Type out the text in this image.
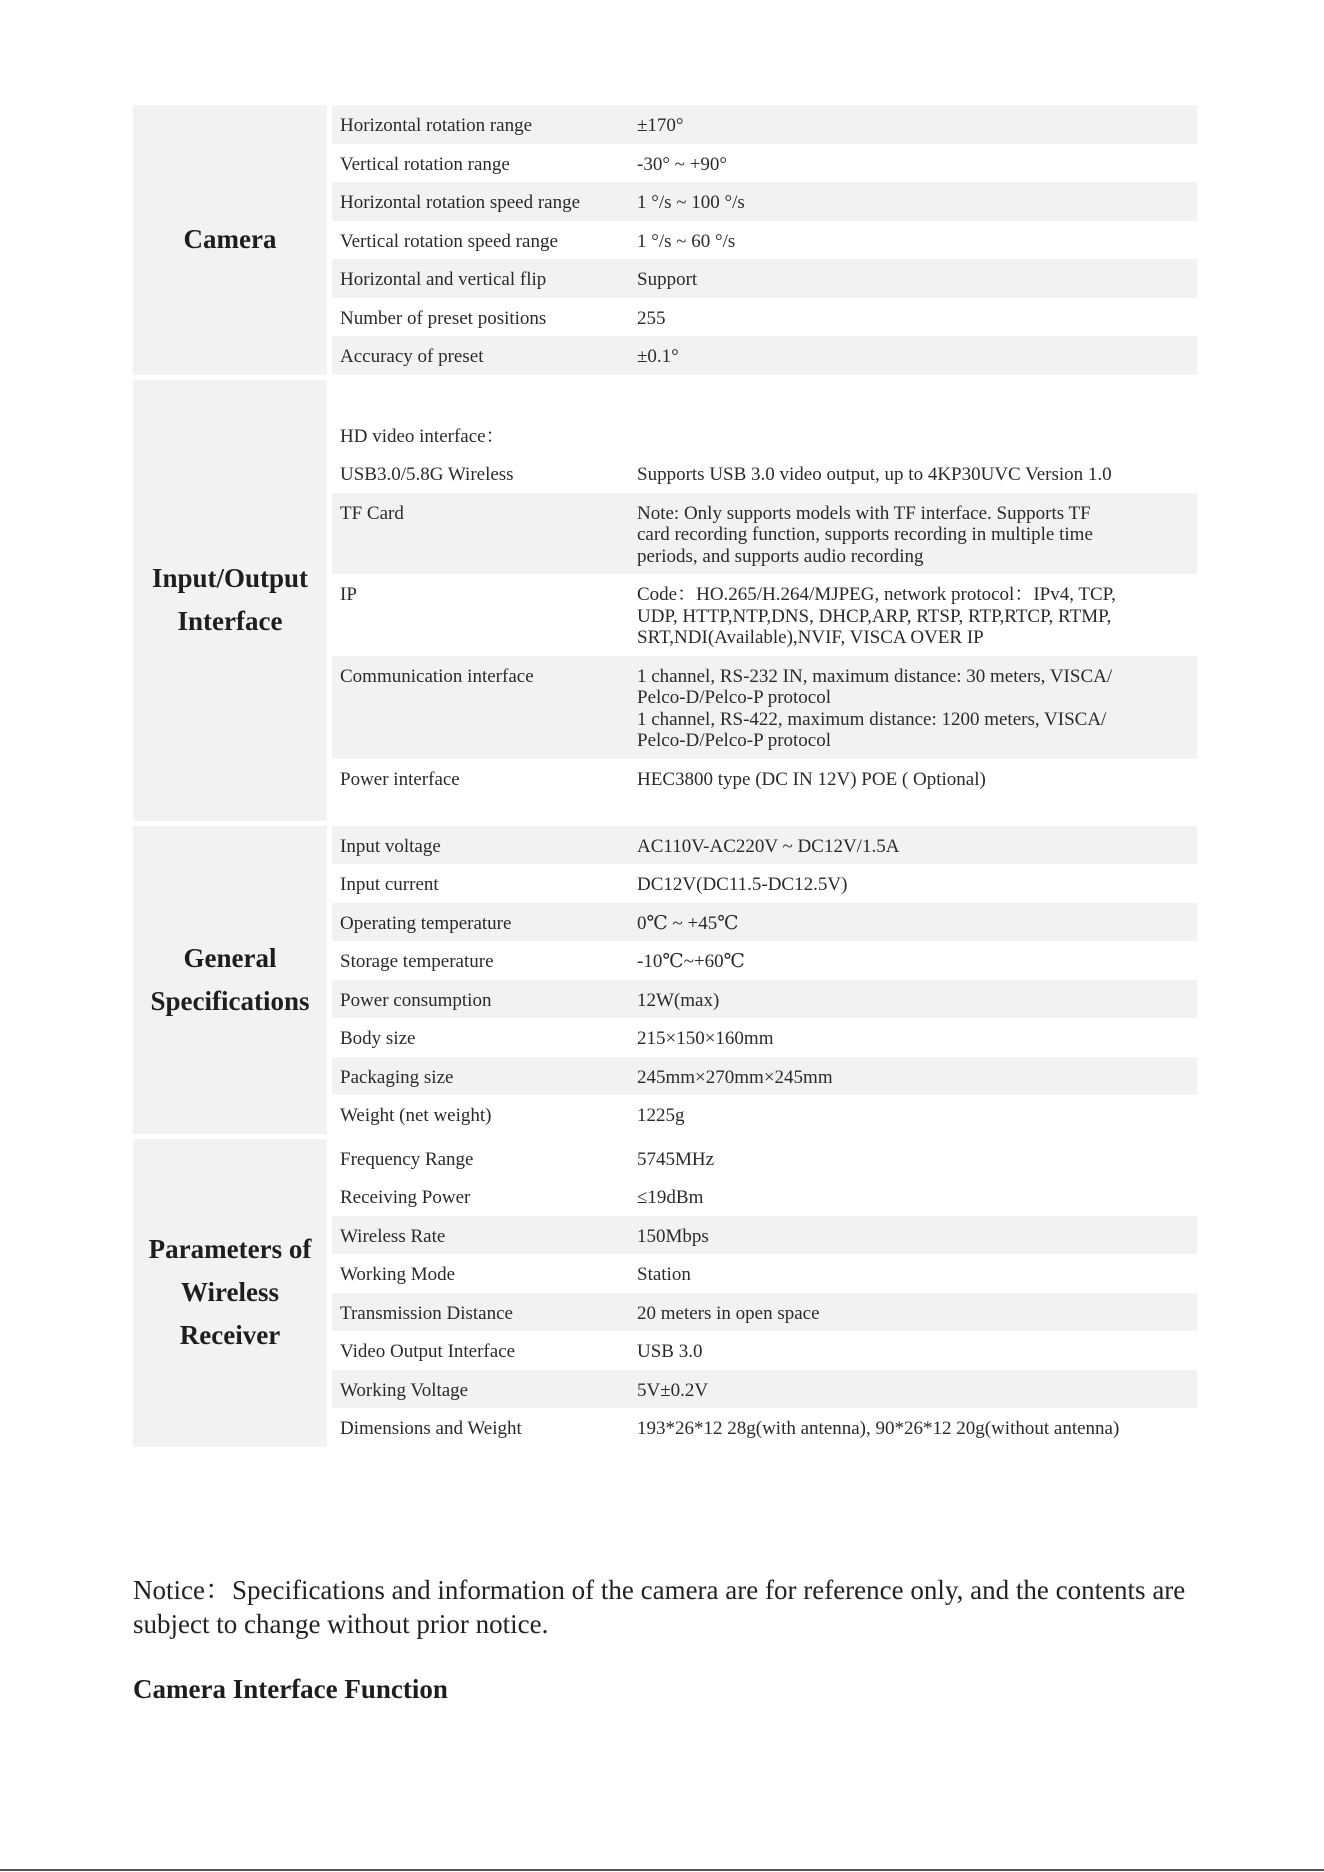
Camera
Horizontal rotation range	±170°
Vertical rotation range	-30° ~ +90°
Horizontal rotation speed range	1 °/s ~ 100 °/s
Vertical rotation speed range	1 °/s ~ 60 °/s
Horizontal and vertical flip	Support
Number of preset positions	255
Accuracy of preset	±0.1°
Input/Output
Interface
HD video interface：
USB3.0/5.8G Wireless	Supports USB 3.0 video output, up to 4KP30UVC Version 1.0
TF Card	Note: Only supports models with TF interface. Supports TF
card recording function, supports recording in multiple time
periods, and supports audio recording
IP	Code：HO.265/H.264/MJPEG, network protocol：IPv4, TCP,
UDP, HTTP,NTP,DNS, DHCP,ARP, RTSP, RTP,RTCP, RTMP,
SRT,NDI(Available),NVIF, VISCA OVER IP
Communication interface	1 channel, RS-232 IN, maximum distance: 30 meters, VISCA/
Pelco-D/Pelco-P protocol
1 channel, RS-422, maximum distance: 1200 meters, VISCA/
Pelco-D/Pelco-P protocol
Power interface	HEC3800 type (DC IN 12V) POE ( Optional)
General
Specifications
Input voltage	AC110V-AC220V ~ DC12V/1.5A
Input current	DC12V(DC11.5-DC12.5V)
Operating temperature	0℃ ~ +45℃
Storage temperature	-10℃~+60℃
Power consumption	12W(max)
Body size	215×150×160mm
Packaging size	245mm×270mm×245mm
Weight (net weight)	1225g
Parameters of
Wireless
Receiver
Frequency Range	5745MHz
Receiving Power	≤19dBm
Wireless Rate	150Mbps
Working Mode	Station
Transmission Distance	20 meters in open space
Video Output Interface	USB 3.0
Working Voltage	5V±0.2V
Dimensions and Weight	193*26*12 28g(with antenna), 90*26*12 20g(without antenna)

Notice：Specifications and information of the camera are for reference only, and the contents are subject to change without prior notice.

Camera Interface Function
